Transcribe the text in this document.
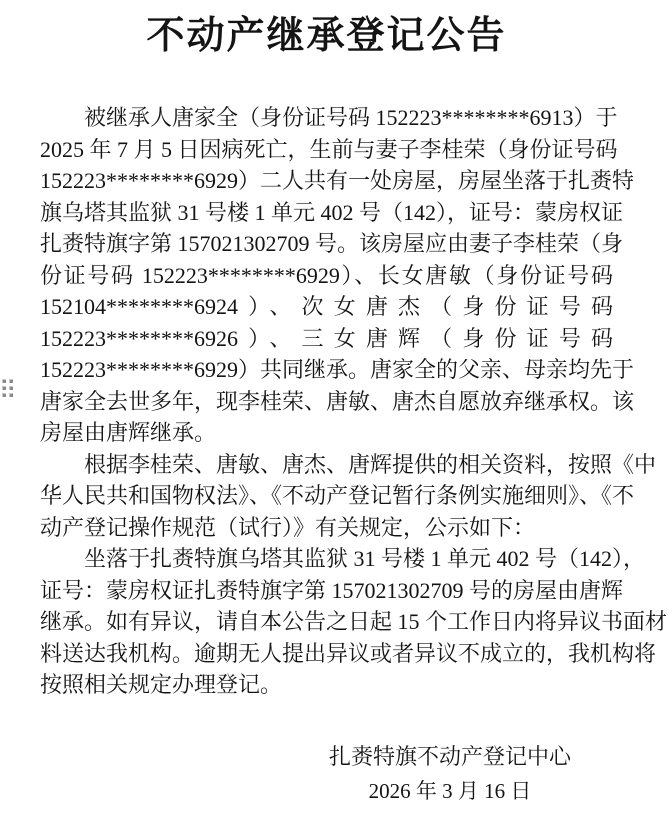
不动产继承登记公告
被继承人唐家全（身份证号码 152223********6913）于
2025 年 7 月 5 日因病死亡，生前与妻子李桂荣（身份证号码
152223********6929）二人共有一处房屋，房屋坐落于扎赉特
旗乌塔其监狱 31 号楼 1 单元 402 号（142），证号：蒙房权证
扎赉特旗字第 157021302709 号。该房屋应由妻子李桂荣（身
份证号码 152223********6929）、长女唐敏（身份证号码
152104********6924）、次女唐杰（身份证号码
152223********6926）、三女唐辉（身份证号码
152223********6929）共同继承。唐家全的父亲、母亲均先于
唐家全去世多年，现李桂荣、唐敏、唐杰自愿放弃继承权。该
房屋由唐辉继承。
根据李桂荣、唐敏、唐杰、唐辉提供的相关资料，按照《中
华人民共和国物权法》、《不动产登记暂行条例实施细则》、《不
动产登记操作规范（试行）》有关规定，公示如下：
坐落于扎赉特旗乌塔其监狱 31 号楼 1 单元 402 号（142），
证号：蒙房权证扎赉特旗字第 157021302709 号的房屋由唐辉
继承。如有异议，请自本公告之日起 15 个工作日内将异议书面材
料送达我机构。逾期无人提出异议或者异议不成立的，我机构将
按照相关规定办理登记。
扎赉特旗不动产登记中心
2026 年 3 月 16 日
